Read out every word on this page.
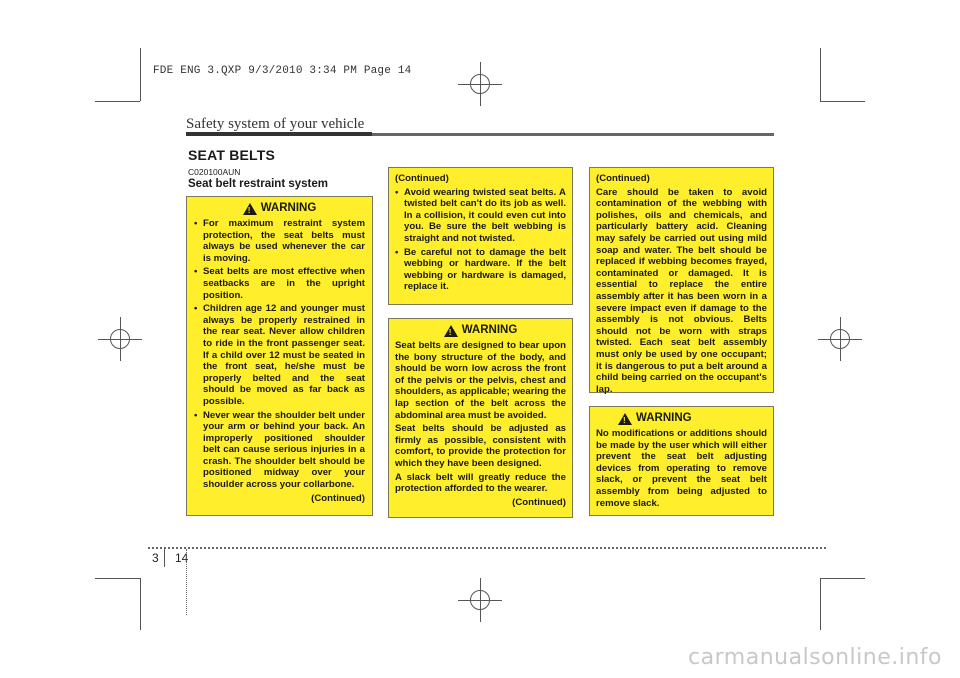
FDE ENG 3.QXP 9/3/2010 3:34 PM Page 14
Safety system of your vehicle
SEAT BELTS
C020100AUN
Seat belt restraint system
!
WARNING
• For maximum restraint system protection, the seat belts must always be used whenever the car is moving.
• Seat belts are most effective when seatbacks are in the upright position.
• Children age 12 and younger must always be properly restrained in the rear seat. Never allow children to ride in the front passenger seat. If a child over 12 must be seated in the front seat, he/she must be properly belted and the seat should be moved as far back as possible.
• Never wear the shoulder belt under your arm or behind your back. An improperly positioned shoulder belt can cause serious injuries in a crash. The shoulder belt should be positioned midway over your shoulder across your collarbone.
(Continued)
(Continued)
• Avoid wearing twisted seat belts. A twisted belt can't do its job as well. In a collision, it could even cut into you. Be sure the belt webbing is straight and not twisted.
• Be careful not to damage the belt webbing or hardware. If the belt webbing or hardware is damaged, replace it.
!
WARNING
Seat belts are designed to bear upon the bony structure of the body, and should be worn low across the front of the pelvis or the pelvis, chest and shoulders, as applicable; wearing the lap section of the belt across the abdominal area must be avoided.
Seat belts should be adjusted as firmly as possible, consistent with comfort, to provide the protection for which they have been designed.
A slack belt will greatly reduce the protection afforded to the wearer.
(Continued)
(Continued)
Care should be taken to avoid contamination of the webbing with polishes, oils and chemicals, and particularly battery acid. Cleaning may safely be carried out using mild soap and water. The belt should be replaced if webbing becomes frayed, contaminated or damaged. It is essential to replace the entire assembly after it has been worn in a severe impact even if damage to the assembly is not obvious. Belts should not be worn with straps twisted. Each seat belt assembly must only be used by one occupant; it is dangerous to put a belt around a child being carried on the occupant's lap.
!
WARNING
No modifications or additions should be made by the user which will either prevent the seat belt adjusting devices from operating to remove slack, or prevent the seat belt assembly from being adjusted to remove slack.
3 14
carmanualsonline.info
